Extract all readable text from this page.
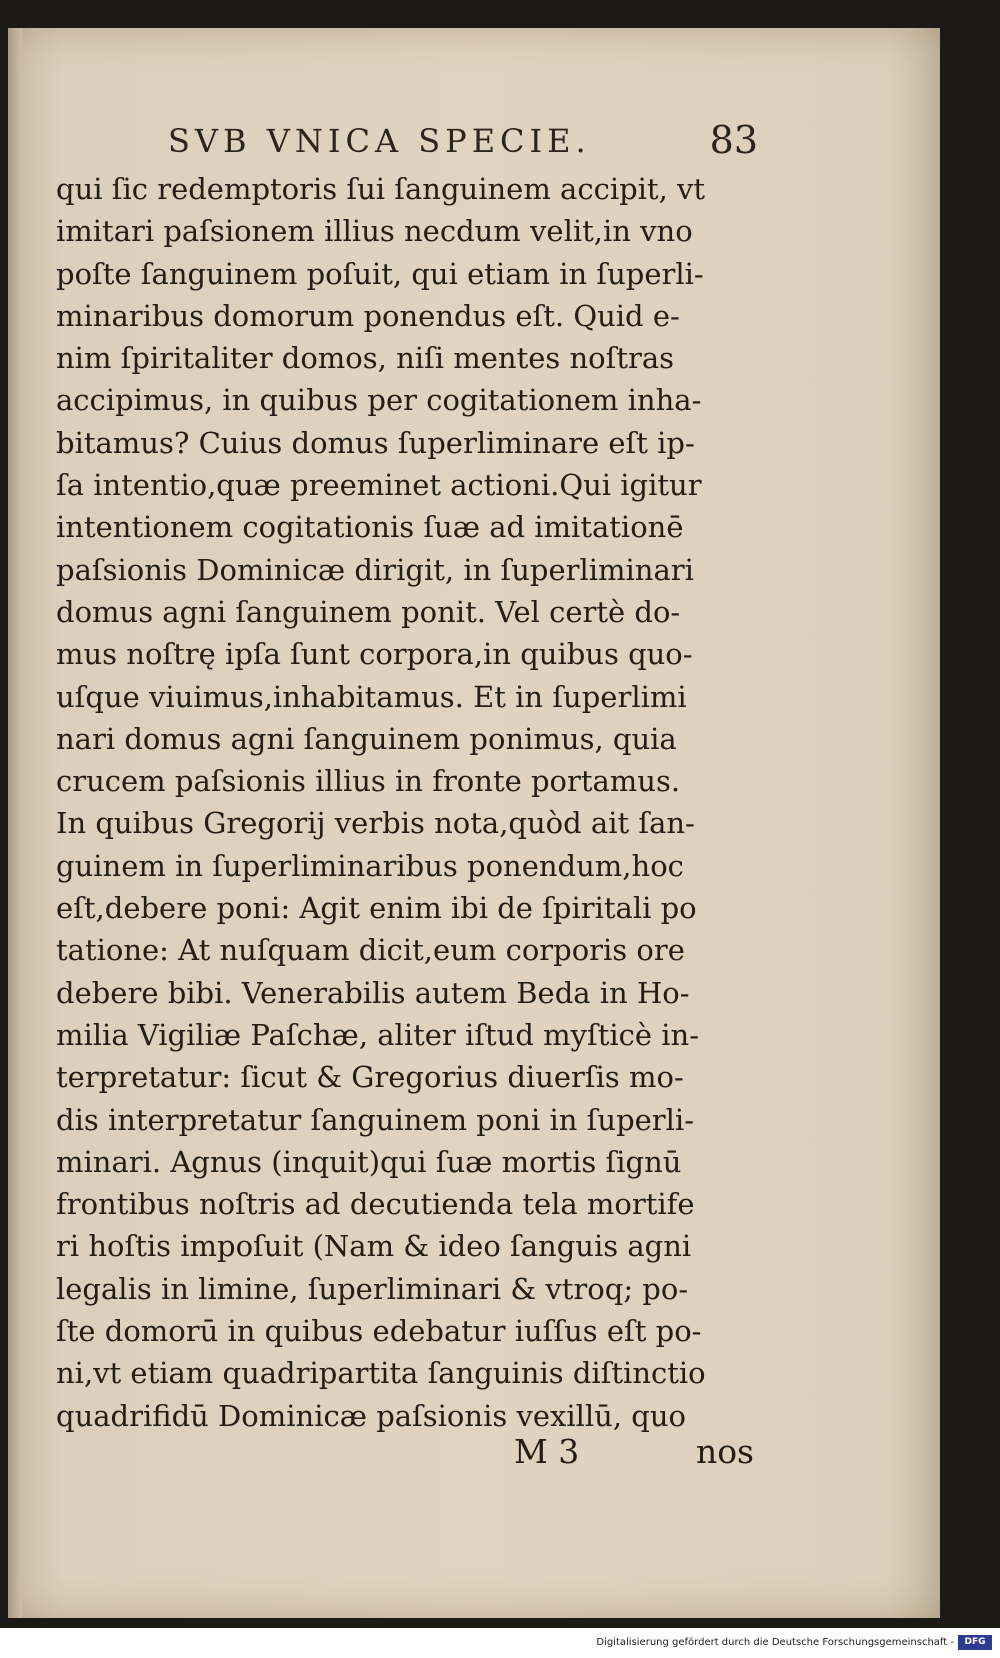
SVB VNICA SPECIE.	83
qui ſic redemptoris ſui ſanguinem accipit, vt
imitari paſsionem illius necdum velit,in vno
poſte ſanguinem poſuit, qui etiam in ſuperli-
minaribus domorum ponendus eſt. Quid e-
nim ſpiritaliter domos, niſi mentes noſtras
accipimus, in quibus per cogitationem inha-
bitamus? Cuius domus ſuperliminare eſt ip-
ſa intentio,quæ preeminet actioni.Qui igitur
intentionem cogitationis ſuæ ad imitationē
paſsionis Dominicæ dirigit, in ſuperliminari
domus agni ſanguinem ponit. Vel certè do-
mus noſtrę ipſa ſunt corpora,in quibus quo-
uſque viuimus,inhabitamus. Et in ſuperlimi
nari domus agni ſanguinem ponimus, quia
crucem paſsionis illius in fronte portamus.
In quibus Gregorij verbis nota,quòd ait ſan-
guinem in ſuperliminaribus ponendum,hoc
eſt,debere poni: Agit enim ibi de ſpiritali po
tatione: At nuſquam dicit,eum corporis ore
debere bibi. Venerabilis autem Beda in Ho-
milia Vigiliæ Paſchæ, aliter iſtud myſticè in-
terpretatur: ſicut & Gregorius diuerſis mo-
dis interpretatur ſanguinem poni in ſuperli-
minari. Agnus (inquit)qui ſuæ mortis ſignū
frontibus noſtris ad decutienda tela mortife
ri hoſtis impoſuit (Nam & ideo ſanguis agni
legalis in limine, ſuperliminari & vtroq; po-
ſte domorū in quibus edebatur iuſſus eſt po-
ni,vt etiam quadripartita ſanguinis diſtinctio
quadrifidū Dominicæ paſsionis vexillū, quo
M 3	nos
Digitalisierung gefördert durch die Deutsche Forschungsgemeinschaft -	DFG
